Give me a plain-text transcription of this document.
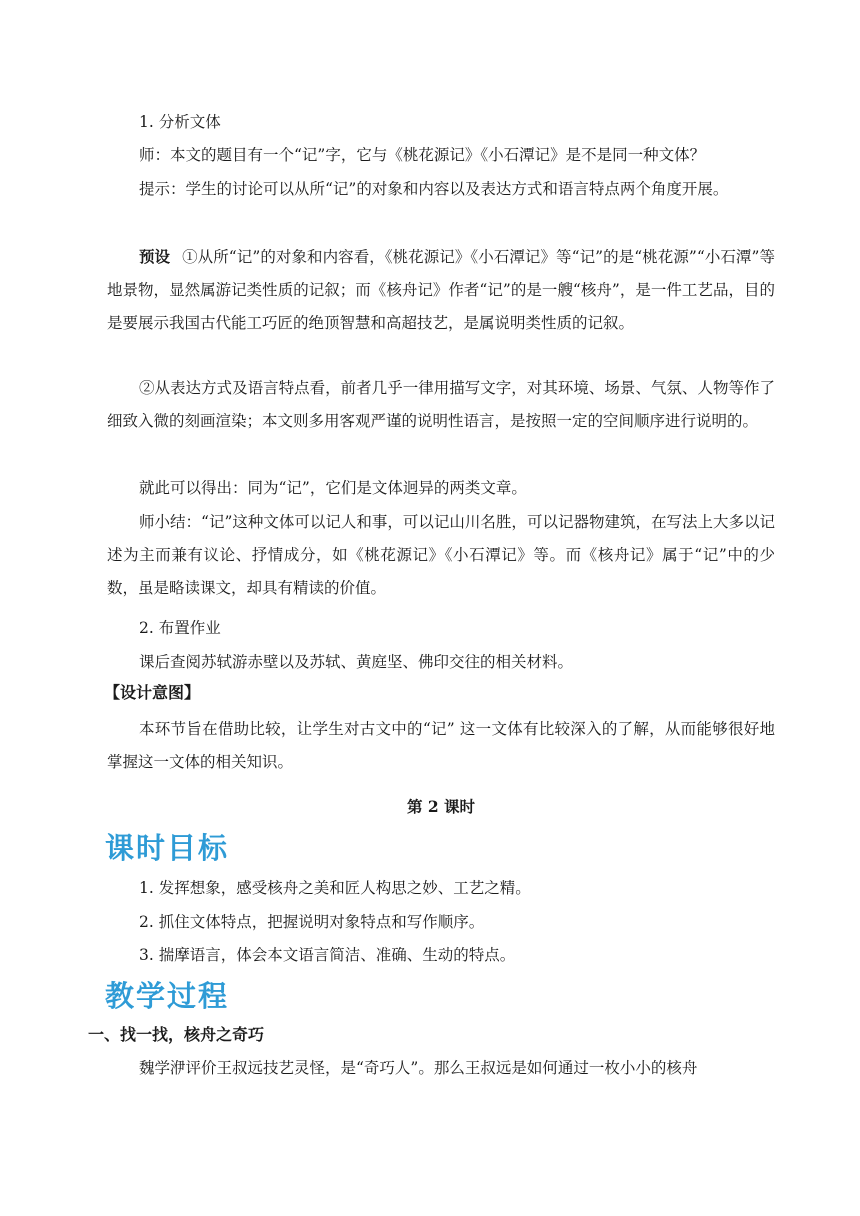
1. 分析文体

师：本文的题目有一个“记”字，它与《桃花源记》《小石潭记》是不是同一种文体？

提示：学生的讨论可以从所“记”的对象和内容以及表达方式和语言特点两个角度开展。

预设 ①从所“记”的对象和内容看，《桃花源记》《小石潭记》等“记”的是“桃花源”“小石潭”等地景物，显然属游记类性质的记叙；而《核舟记》作者“记”的是一艘“核舟”，是一件工艺品，目的是要展示我国古代能工巧匠的绝顶智慧和高超技艺，是属说明类性质的记叙。

②从表达方式及语言特点看，前者几乎一律用描写文字，对其环境、场景、气氛、人物等作了细致入微的刻画渲染；本文则多用客观严谨的说明性语言，是按照一定的空间顺序进行说明的。

就此可以得出：同为“记”，它们是文体迥异的两类文章。

师小结：“记”这种文体可以记人和事，可以记山川名胜，可以记器物建筑，在写法上大多以记述为主而兼有议论、抒情成分，如《桃花源记》《小石潭记》等。而《核舟记》属于“记”中的少数，虽是略读课文，却具有精读的价值。

2. 布置作业

课后查阅苏轼游赤壁以及苏轼、黄庭坚、佛印交往的相关材料。

【设计意图】

本环节旨在借助比较，让学生对古文中的“记” 这一文体有比较深入的了解，从而能够很好地掌握这一文体的相关知识。

第 2 课时

课时目标

1. 发挥想象，感受核舟之美和匠人构思之妙、工艺之精。

2. 抓住文体特点，把握说明对象特点和写作顺序。

3. 揣摩语言，体会本文语言简洁、准确、生动的特点。

教学过程

一、找一找，核舟之奇巧

魏学洢评价王叔远技艺灵怪，是“奇巧人”。那么王叔远是如何通过一枚小小的核舟
